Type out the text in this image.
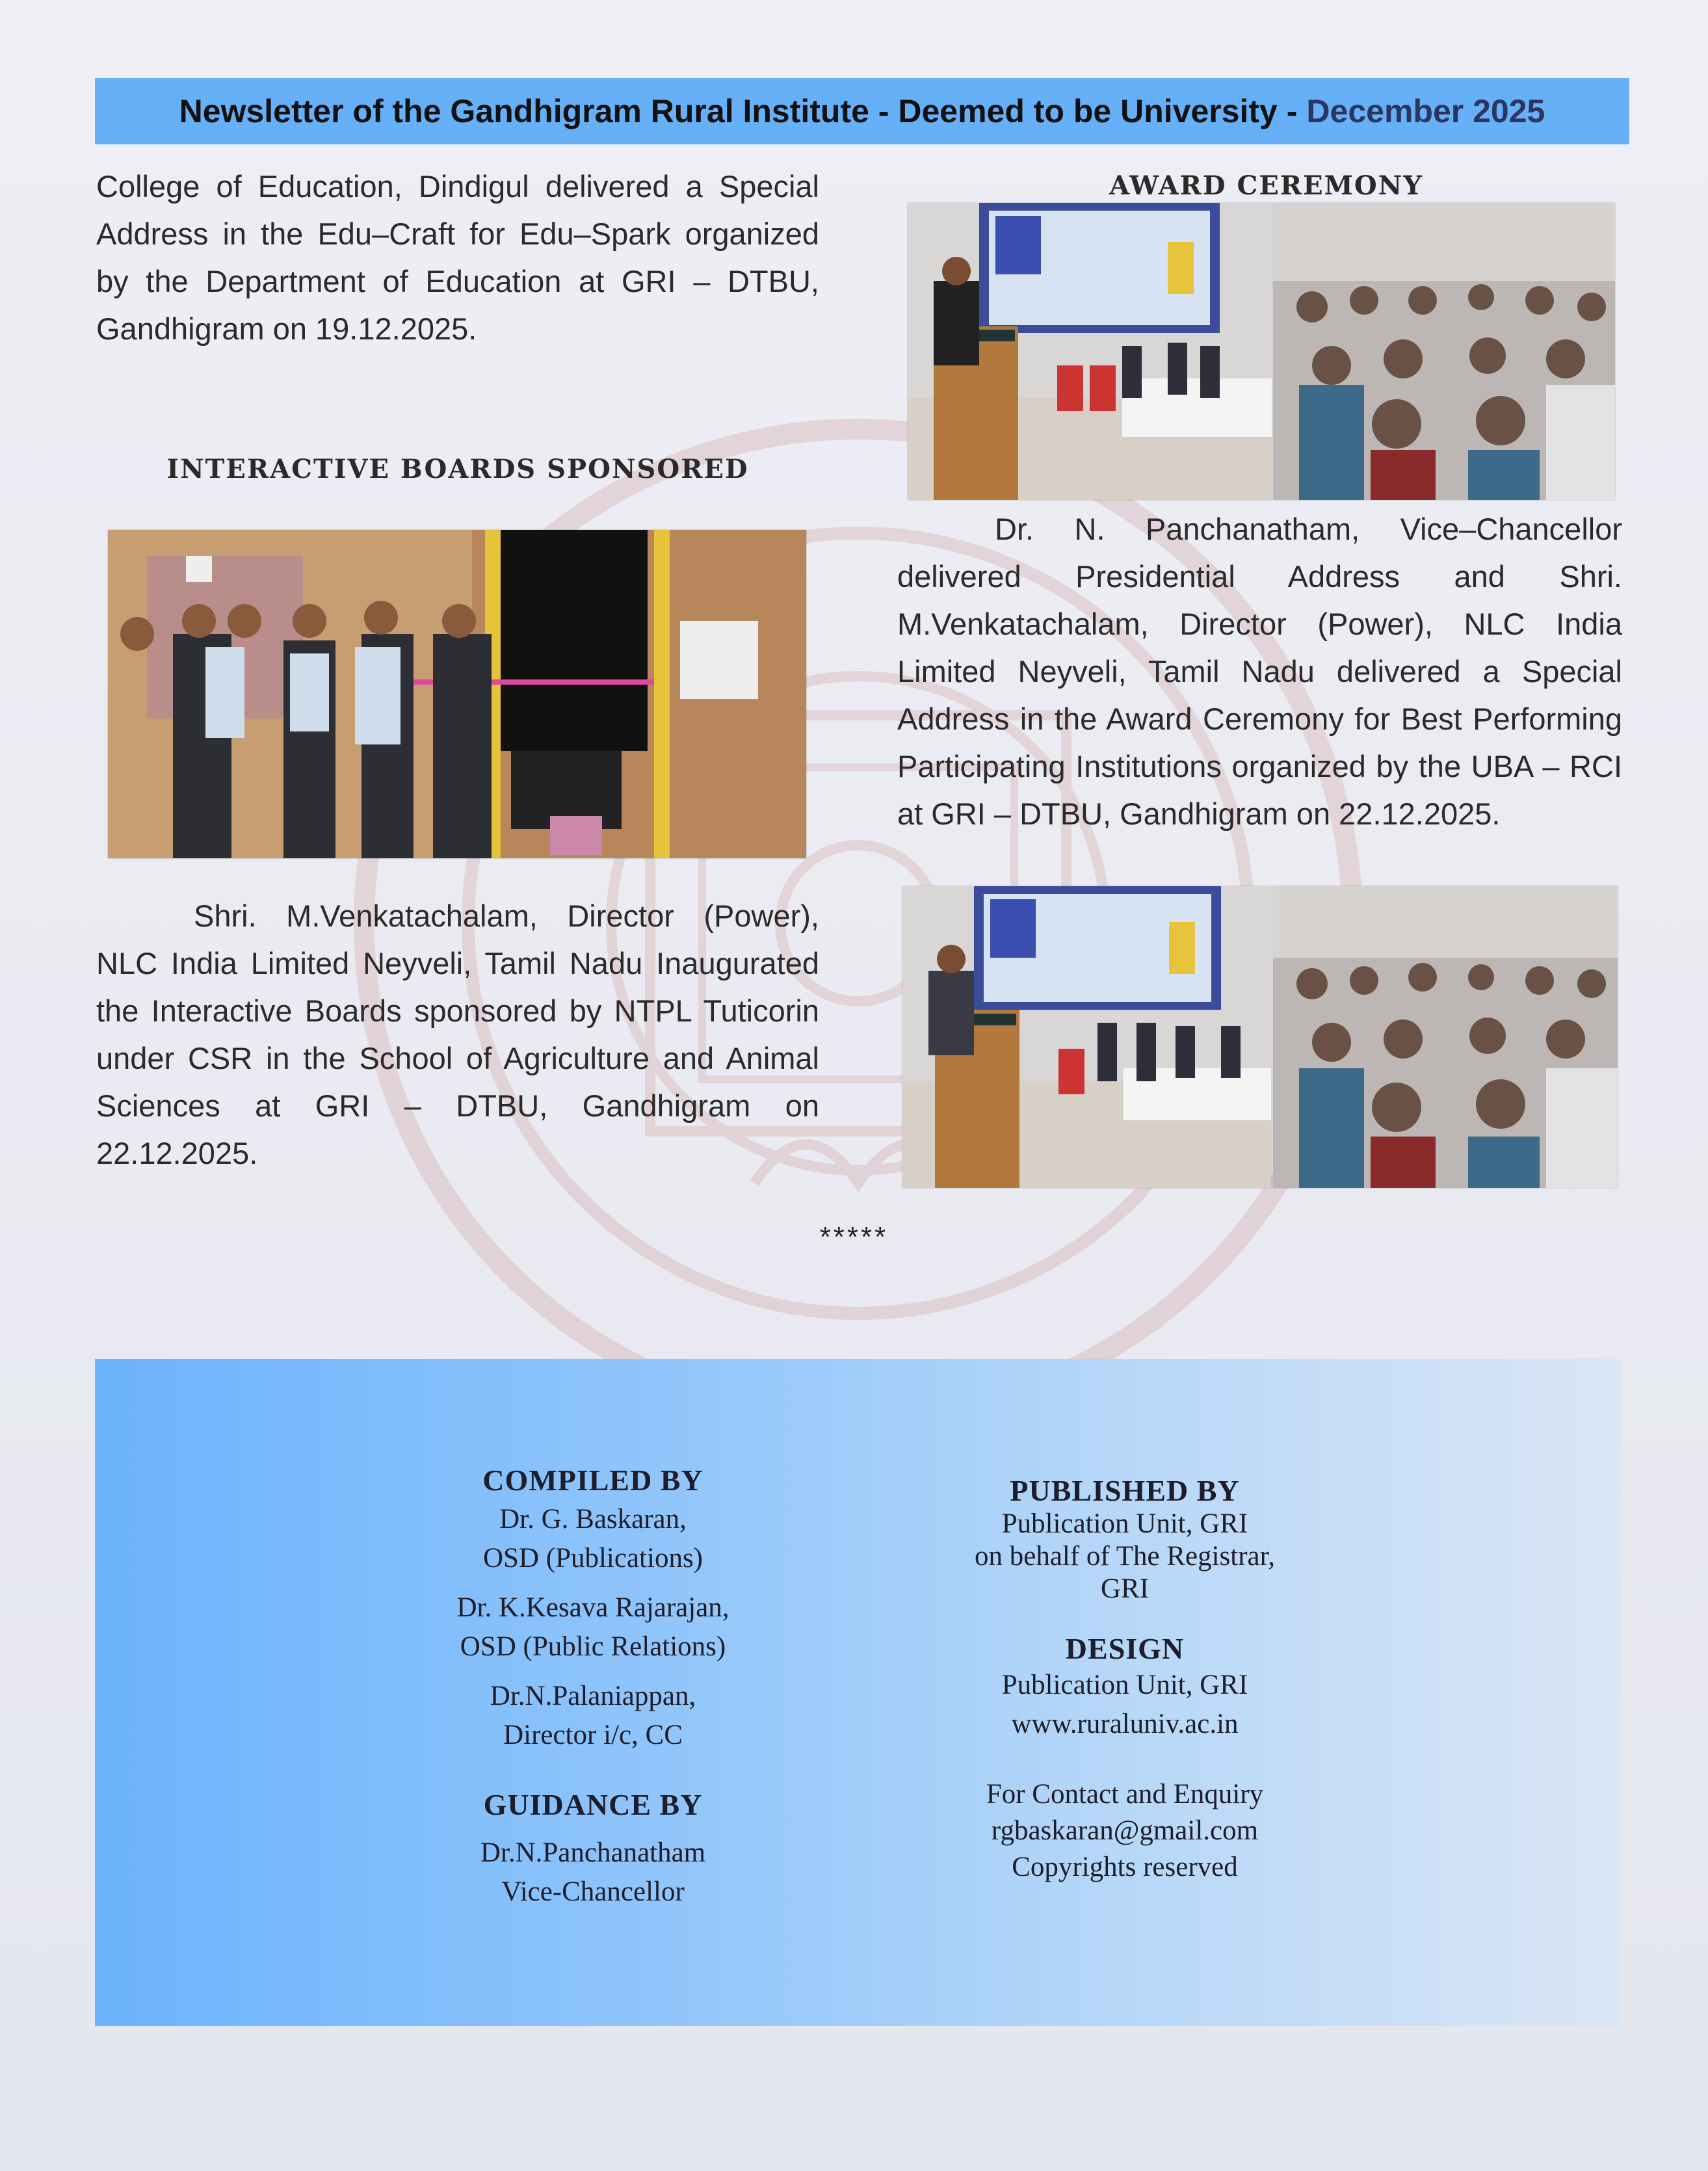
Newsletter of the Gandhigram Rural Institute - Deemed to be University - December 2025
College of Education, Dindigul delivered a Special Address in the Edu–Craft for Edu–Spark organized by the Department of Education at GRI – DTBU, Gandhigram on 19.12.2025.
INTERACTIVE BOARDS SPONSORED
Shri. M.Venkatachalam, Director (Power), NLC India Limited Neyveli, Tamil Nadu Inaugurated the Interactive Boards sponsored by NTPL Tuticorin under CSR in the School of Agriculture and Animal Sciences at GRI – DTBU, Gandhigram on 22.12.2025.
AWARD CEREMONY
Dr. N. Panchanatham, Vice–Chancellor delivered Presidential Address and Shri. M.Venkatachalam, Director (Power), NLC India Limited Neyveli, Tamil Nadu delivered a Special Address in the Award Ceremony for Best Performing Participating Institutions organized by the UBA – RCI at GRI – DTBU, Gandhigram on 22.12.2025.
*****
COMPILED BY
Dr. G. Baskaran,
OSD (Publications)
Dr. K.Kesava Rajarajan,
OSD (Public Relations)
Dr.N.Palaniappan,
Director i/c, CC
GUIDANCE BY
Dr.N.Panchanatham
Vice-Chancellor
PUBLISHED BY
Publication Unit, GRI
on behalf of The Registrar,
GRI
DESIGN
Publication Unit, GRI
www.ruraluniv.ac.in
For Contact and Enquiry
rgbaskaran@gmail.com
Copyrights reserved
